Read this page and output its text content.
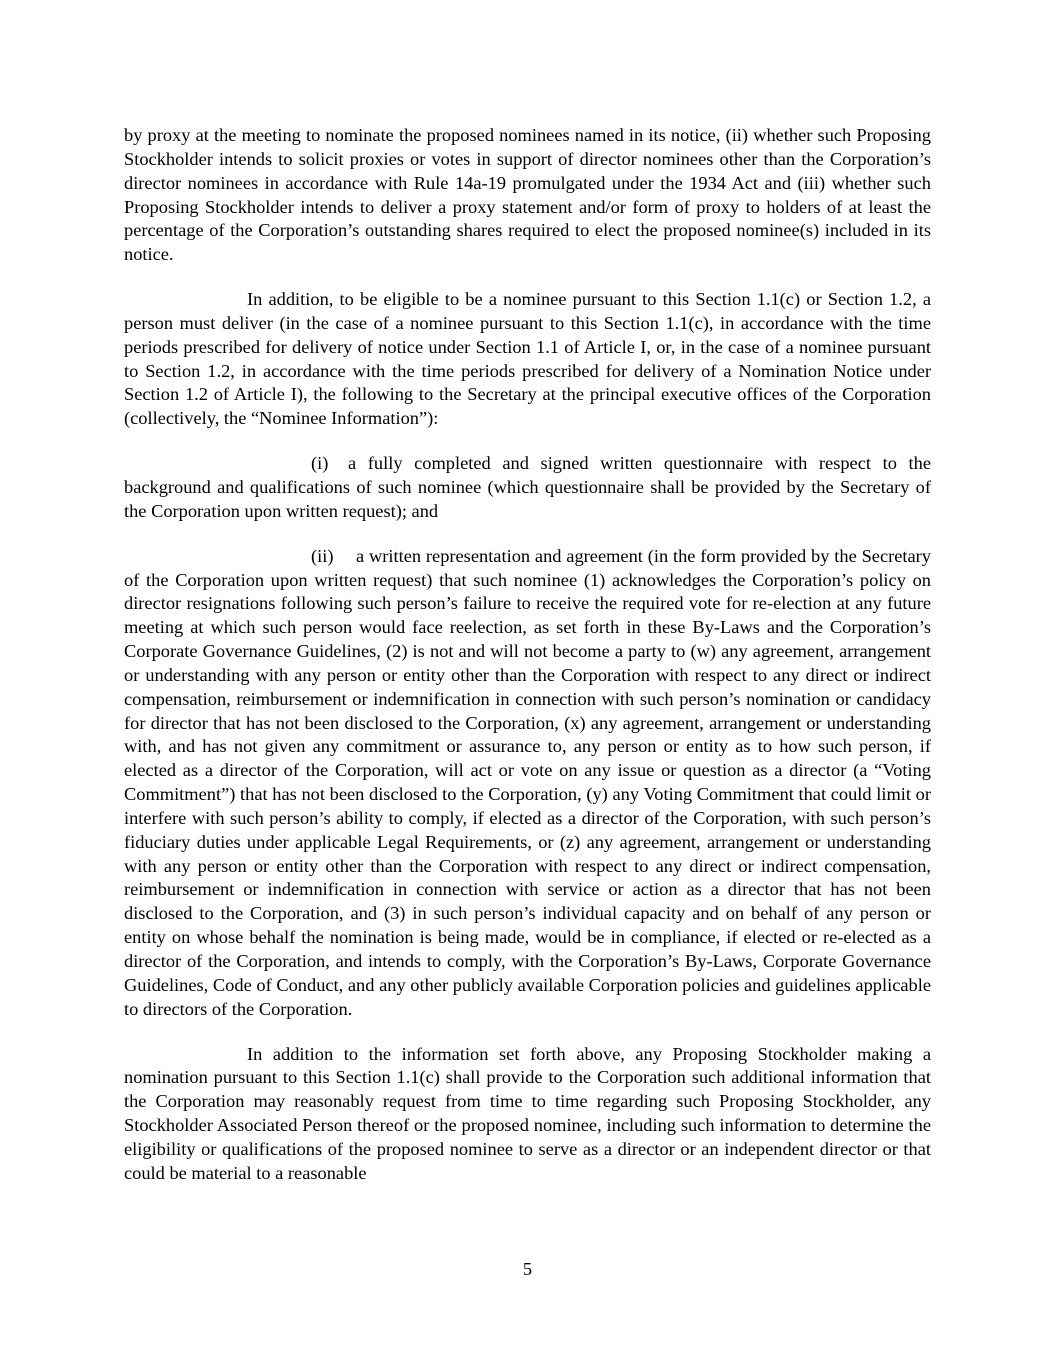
by proxy at the meeting to nominate the proposed nominees named in its notice, (ii) whether such Proposing Stockholder intends to solicit proxies or votes in support of director nominees other than the Corporation’s director nominees in accordance with Rule 14a-19 promulgated under the 1934 Act and (iii) whether such Proposing Stockholder intends to deliver a proxy statement and/or form of proxy to holders of at least the percentage of the Corporation’s outstanding shares required to elect the proposed nominee(s) included in its notice.

In addition, to be eligible to be a nominee pursuant to this Section 1.1(c) or Section 1.2, a person must deliver (in the case of a nominee pursuant to this Section 1.1(c), in accordance with the time periods prescribed for delivery of notice under Section 1.1 of Article I, or, in the case of a nominee pursuant to Section 1.2, in accordance with the time periods prescribed for delivery of a Nomination Notice under Section 1.2 of Article I), the following to the Secretary at the principal executive offices of the Corporation (collectively, the “Nominee Information”):

(i) a fully completed and signed written questionnaire with respect to the background and qualifications of such nominee (which questionnaire shall be provided by the Secretary of the Corporation upon written request); and

(ii) a written representation and agreement (in the form provided by the Secretary of the Corporation upon written request) that such nominee (1) acknowledges the Corporation’s policy on director resignations following such person’s failure to receive the required vote for re-election at any future meeting at which such person would face reelection, as set forth in these By-Laws and the Corporation’s Corporate Governance Guidelines, (2) is not and will not become a party to (w) any agreement, arrangement or understanding with any person or entity other than the Corporation with respect to any direct or indirect compensation, reimbursement or indemnification in connection with such person’s nomination or candidacy for director that has not been disclosed to the Corporation, (x) any agreement, arrangement or understanding with, and has not given any commitment or assurance to, any person or entity as to how such person, if elected as a director of the Corporation, will act or vote on any issue or question as a director (a “Voting Commitment”) that has not been disclosed to the Corporation, (y) any Voting Commitment that could limit or interfere with such person’s ability to comply, if elected as a director of the Corporation, with such person’s fiduciary duties under applicable Legal Requirements, or (z) any agreement, arrangement or understanding with any person or entity other than the Corporation with respect to any direct or indirect compensation, reimbursement or indemnification in connection with service or action as a director that has not been disclosed to the Corporation, and (3) in such person’s individual capacity and on behalf of any person or entity on whose behalf the nomination is being made, would be in compliance, if elected or re-elected as a director of the Corporation, and intends to comply, with the Corporation’s By-Laws, Corporate Governance Guidelines, Code of Conduct, and any other publicly available Corporation policies and guidelines applicable to directors of the Corporation.

In addition to the information set forth above, any Proposing Stockholder making a nomination pursuant to this Section 1.1(c) shall provide to the Corporation such additional information that the Corporation may reasonably request from time to time regarding such Proposing Stockholder, any Stockholder Associated Person thereof or the proposed nominee, including such information to determine the eligibility or qualifications of the proposed nominee to serve as a director or an independent director or that could be material to a reasonable

5
